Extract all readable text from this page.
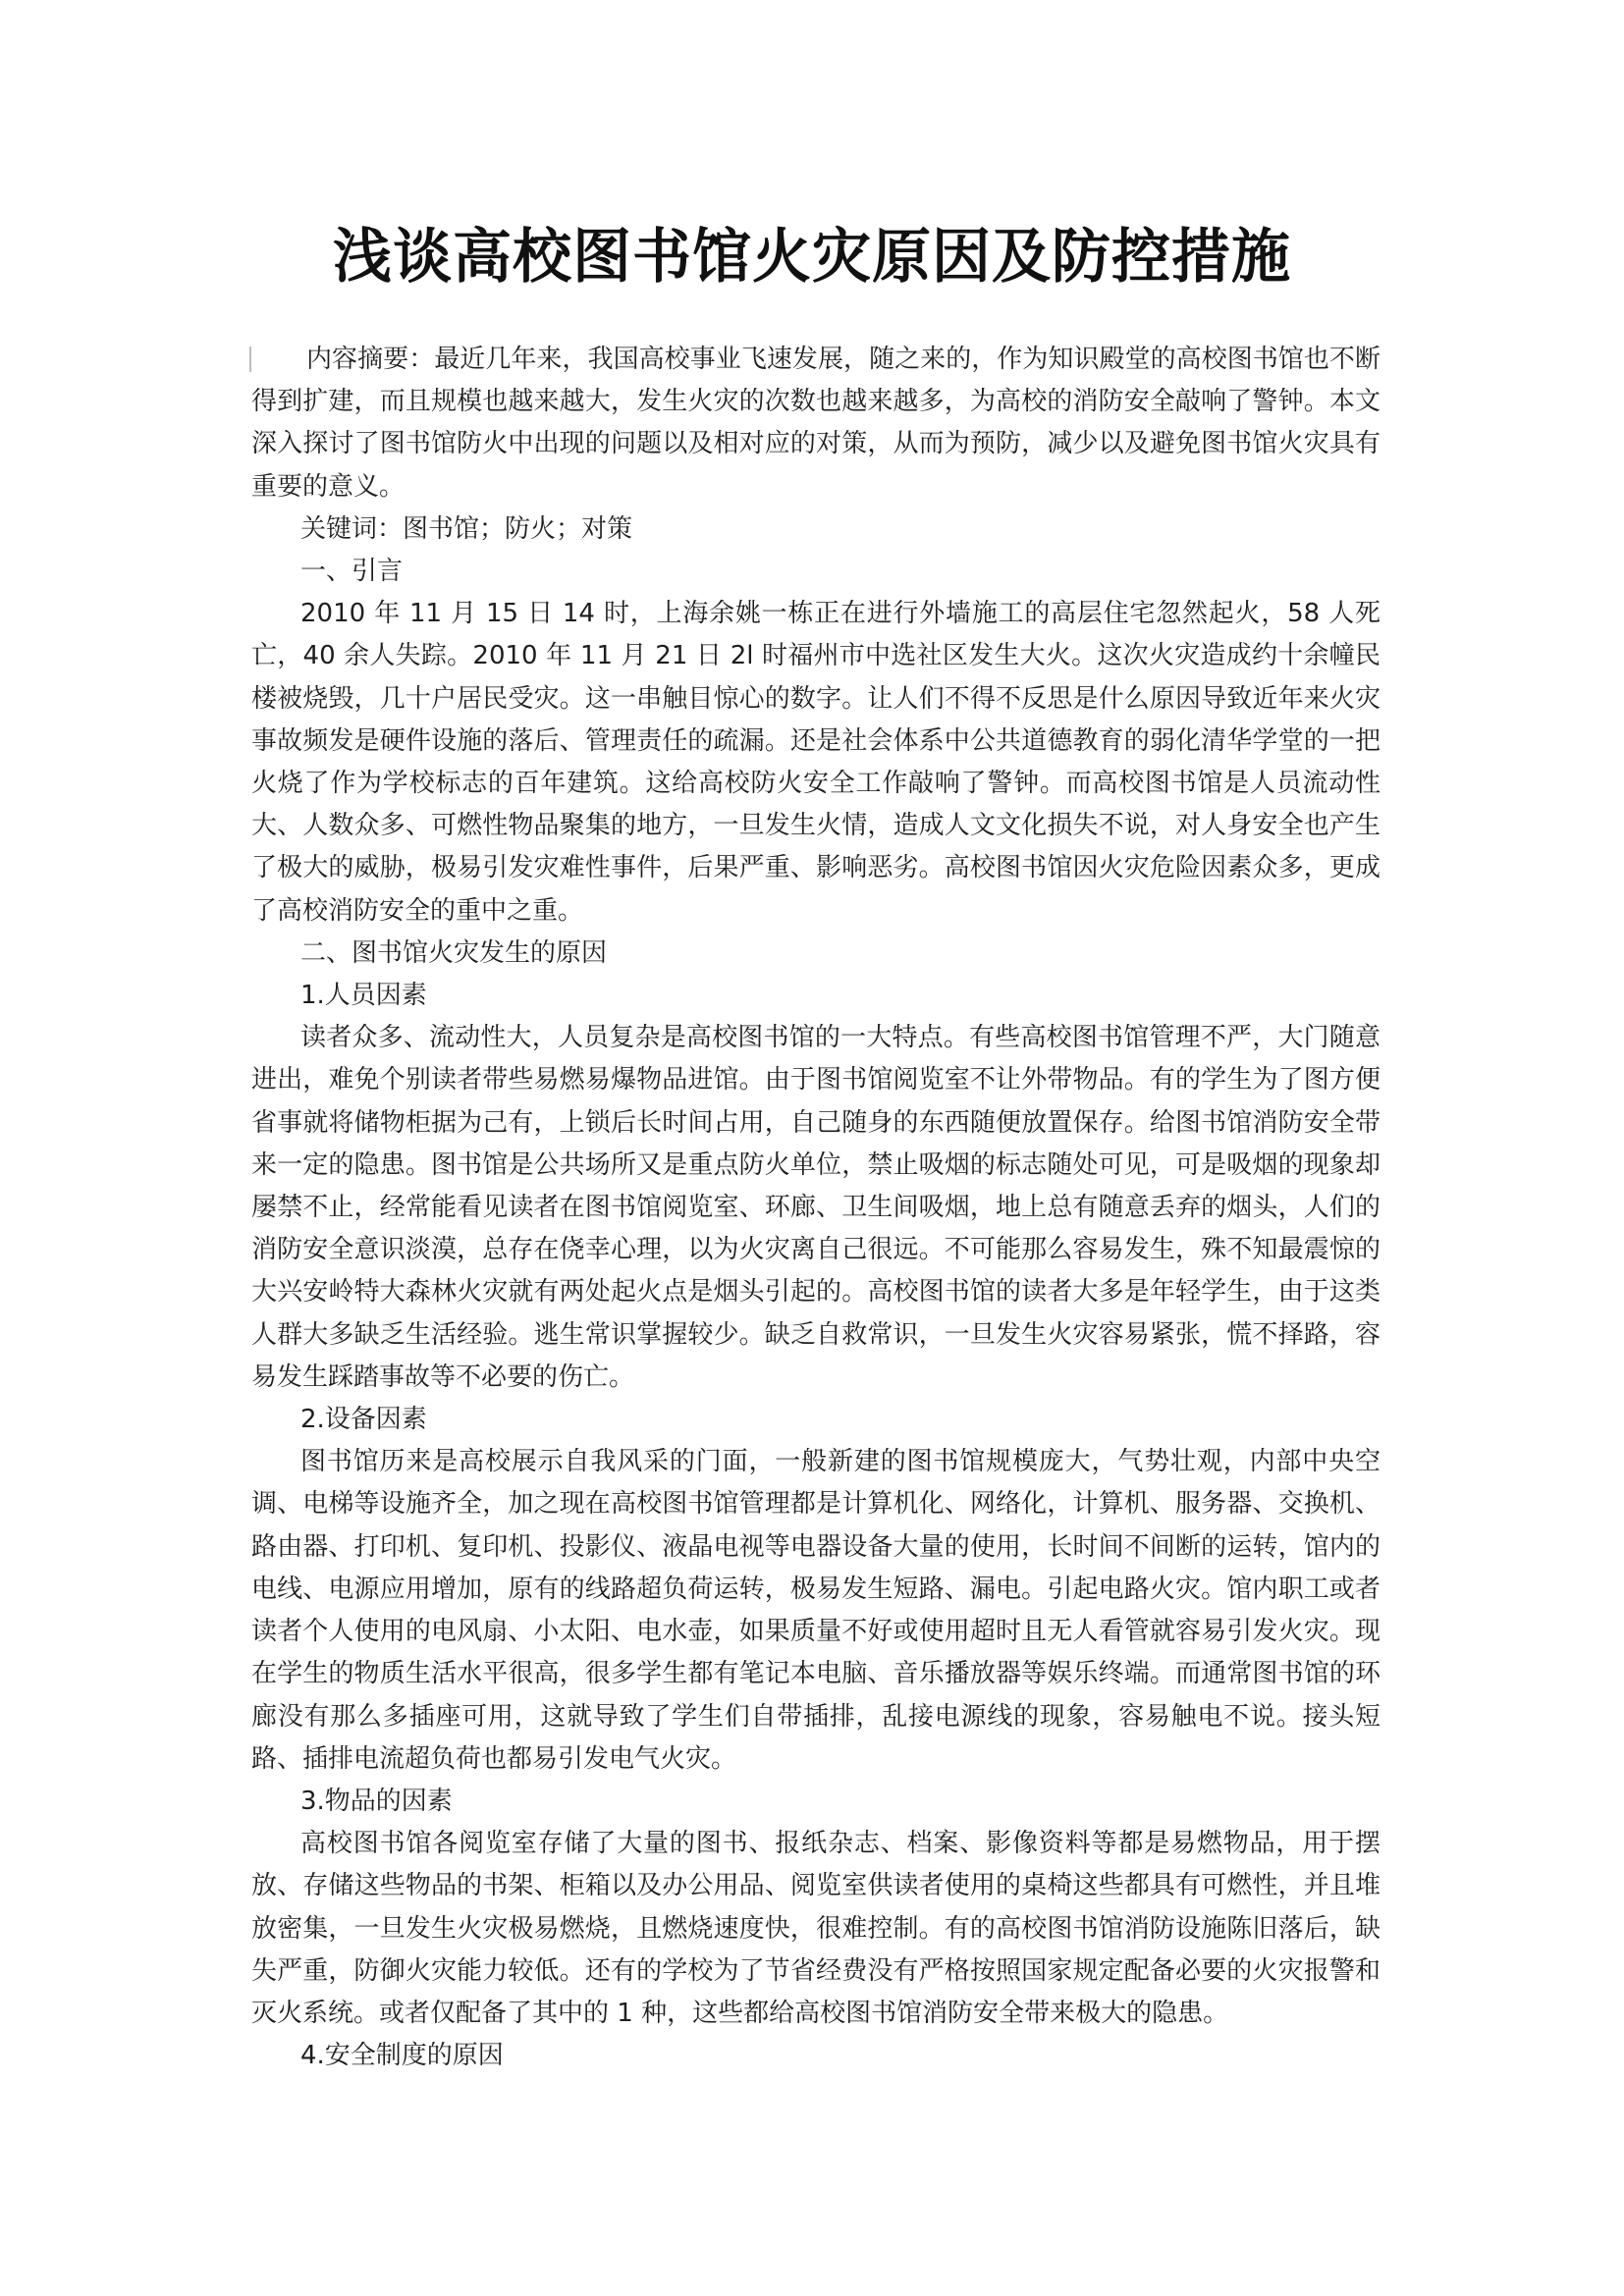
浅谈高校图书馆火灾原因及防控措施

内容摘要：最近几年来，我国高校事业飞速发展，随之来的，作为知识殿堂的高校图书馆也不断得到扩建，而且规模也越来越大，发生火灾的次数也越来越多，为高校的消防安全敲响了警钟。本文深入探讨了图书馆防火中出现的问题以及相对应的对策，从而为预防，减少以及避免图书馆火灾具有重要的意义。

关键词：图书馆；防火；对策

一、引言

2010 年 11 月 15 日 14 时，上海余姚一栋正在进行外墙施工的高层住宅忽然起火，58 人死亡，40 余人失踪。2010 年 11 月 21 日 2l 时福州市中选社区发生大火。这次火灾造成约十余幢民楼被烧毁，几十户居民受灾。这一串触目惊心的数字。让人们不得不反思是什么原因导致近年来火灾事故频发是硬件设施的落后、管理责任的疏漏。还是社会体系中公共道德教育的弱化清华学堂的一把火烧了作为学校标志的百年建筑。这给高校防火安全工作敲响了警钟。而高校图书馆是人员流动性大、人数众多、可燃性物品聚集的地方，一旦发生火情，造成人文文化损失不说，对人身安全也产生了极大的威胁，极易引发灾难性事件，后果严重、影响恶劣。高校图书馆因火灾危险因素众多，更成了高校消防安全的重中之重。

二、图书馆火灾发生的原因
1.人员因素

读者众多、流动性大，人员复杂是高校图书馆的一大特点。有些高校图书馆管理不严，大门随意进出，难免个别读者带些易燃易爆物品进馆。由于图书馆阅览室不让外带物品。有的学生为了图方便省事就将储物柜据为己有，上锁后长时间占用，自己随身的东西随便放置保存。给图书馆消防安全带来一定的隐患。图书馆是公共场所又是重点防火单位，禁止吸烟的标志随处可见，可是吸烟的现象却屡禁不止，经常能看见读者在图书馆阅览室、环廊、卫生间吸烟，地上总有随意丢弃的烟头，人们的消防安全意识淡漠，总存在侥幸心理，以为火灾离自己很远。不可能那么容易发生，殊不知最震惊的大兴安岭特大森林火灾就有两处起火点是烟头引起的。高校图书馆的读者大多是年轻学生，由于这类人群大多缺乏生活经验。逃生常识掌握较少。缺乏自救常识，一旦发生火灾容易紧张，慌不择路，容易发生踩踏事故等不必要的伤亡。

2.设备因素

图书馆历来是高校展示自我风采的门面，一般新建的图书馆规模庞大，气势壮观，内部中央空调、电梯等设施齐全，加之现在高校图书馆管理都是计算机化、网络化，计算机、服务器、交换机、路由器、打印机、复印机、投影仪、液晶电视等电器设备大量的使用，长时间不间断的运转，馆内的电线、电源应用增加，原有的线路超负荷运转，极易发生短路、漏电。引起电路火灾。馆内职工或者读者个人使用的电风扇、小太阳、电水壶，如果质量不好或使用超时且无人看管就容易引发火灾。现在学生的物质生活水平很高，很多学生都有笔记本电脑、音乐播放器等娱乐终端。而通常图书馆的环廊没有那么多插座可用，这就导致了学生们自带插排，乱接电源线的现象，容易触电不说。接头短路、插排电流超负荷也都易引发电气火灾。

3.物品的因素

高校图书馆各阅览室存储了大量的图书、报纸杂志、档案、影像资料等都是易燃物品，用于摆放、存储这些物品的书架、柜箱以及办公用品、阅览室供读者使用的桌椅这些都具有可燃性，并且堆放密集，一旦发生火灾极易燃烧，且燃烧速度快，很难控制。有的高校图书馆消防设施陈旧落后，缺失严重，防御火灾能力较低。还有的学校为了节省经费没有严格按照国家规定配备必要的火灾报警和灭火系统。或者仅配备了其中的 1 种，这些都给高校图书馆消防安全带来极大的隐患。

4.安全制度的原因
